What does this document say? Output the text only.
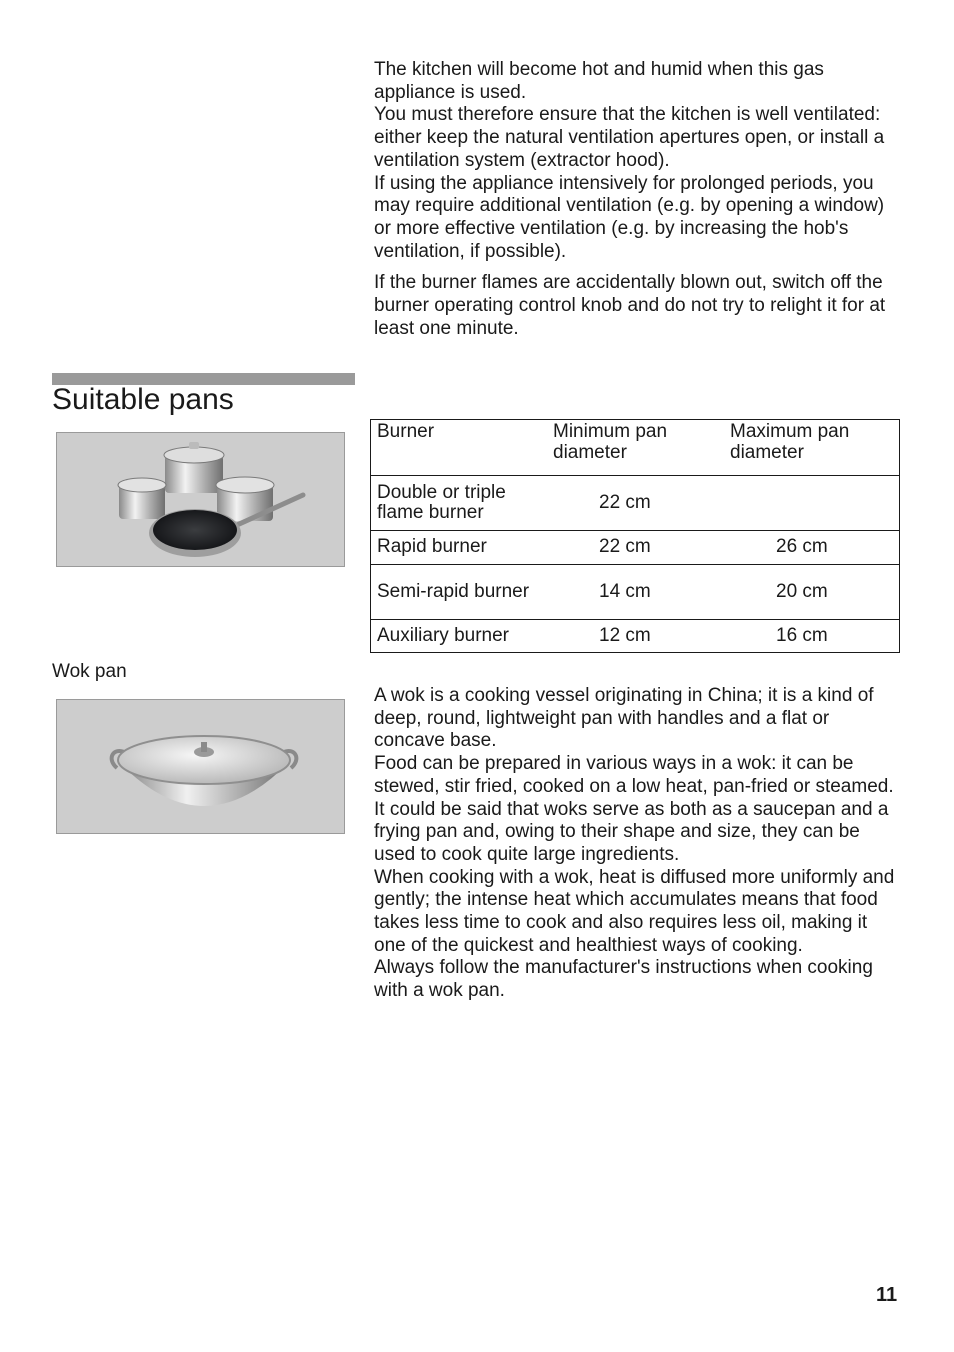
The kitchen will become hot and humid when this gas appliance is used.

You must therefore ensure that the kitchen is well ventilated:

either keep the natural ventilation apertures open, or install a ventilation system (extractor hood).

If using the appliance intensively for prolonged periods, you may require additional ventilation (e.g. by opening a window) or more effective ventilation (e.g. by increasing the hob's ventilation, if possible).

If the burner flames are accidentally blown out, switch off the burner operating control knob and do not try to relight it for at least one minute.

Suitable pans
Burner	Minimum pan diameter	Maximum pan diameter
Double or triple flame burner	22 cm	
Rapid burner	22 cm	26 cm
Semi-rapid burner	14 cm	20 cm
Auxiliary burner	12 cm	16 cm
Wok pan

A wok is a cooking vessel originating in China; it is a kind of deep, round, lightweight pan with handles and a flat or concave base.

Food can be prepared in various ways in a wok: it can be stewed, stir fried, cooked on a low heat, pan-fried or steamed. It could be said that woks serve as both as a saucepan and a frying pan and, owing to their shape and size, they can be used to cook quite large ingredients.

When cooking with a wok, heat is diffused more uniformly and gently; the intense heat which accumulates means that food takes less time to cook and also requires less oil, making it one of the quickest and healthiest ways of cooking.

Always follow the manufacturer's instructions when cooking with a wok pan.

11
